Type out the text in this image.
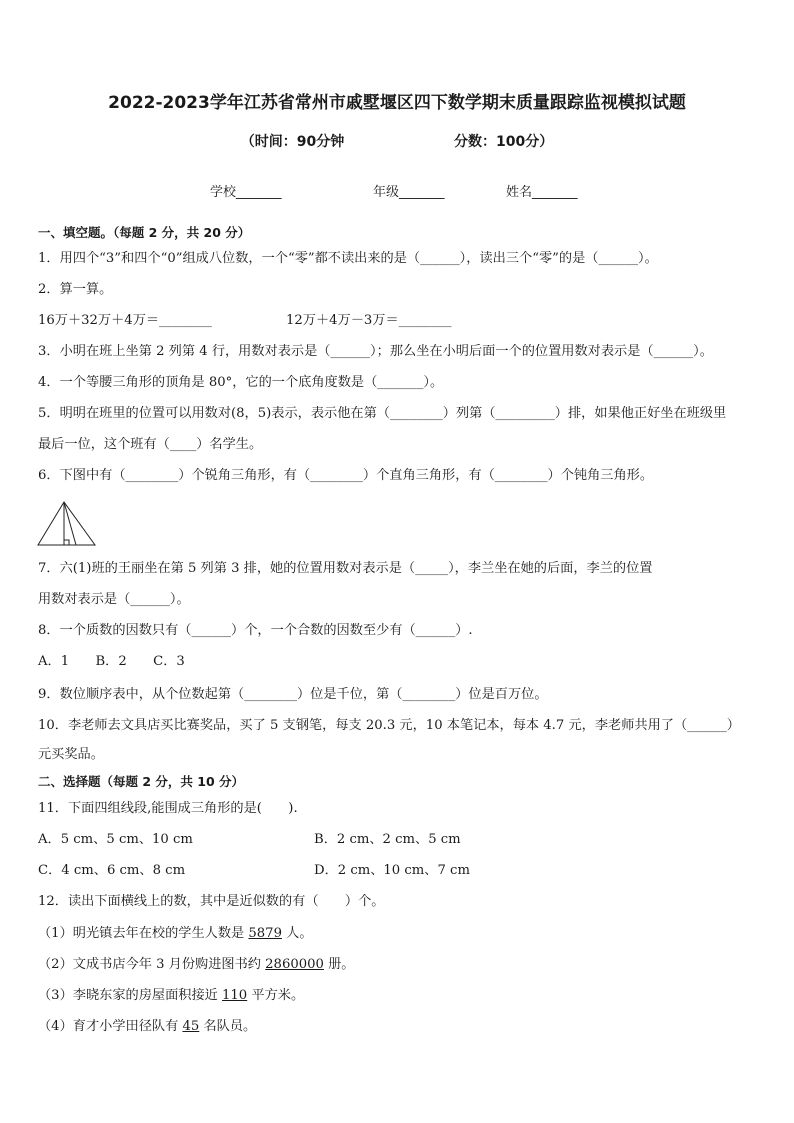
2022-2023学年江苏省常州市戚墅堰区四下数学期末质量跟踪监视模拟试题
（时间：90分钟	分数：100分）
学校_______	年级_______	姓名_______
一、填空题。（每题 2 分，共 20 分）
1．用四个“3”和四个“0”组成八位数，一个“零”都不读出来的是（______），读出三个“零”的是（______）。
2．算一算。
16万＋32万＋4万＝________	12万＋4万－3万＝________
3．小明在班上坐第 2 列第 4 行，用数对表示是（______）；那么坐在小明后面一个的位置用数对表示是（______）。
4．一个等腰三角形的顶角是 80°，它的一个底角度数是（_______）。
5．明明在班里的位置可以用数对(8，5)表示，表示他在第（________）列第（_________）排，如果他正好坐在班级里
最后一位，这个班有（____）名学生。
6．下图中有（________）个锐角三角形，有（________）个直角三角形，有（________）个钝角三角形。
7．六(1)班的王丽坐在第 5 列第 3 排，她的位置用数对表示是（_____），李兰坐在她的后面，李兰的位置
用数对表示是（______）。
8．一个质数的因数只有（______）个，一个合数的因数至少有（______）.
A．1　　B．2　　C．3
9．数位顺序表中，从个位数起第（________）位是千位，第（________）位是百万位。
10．李老师去文具店买比赛奖品，买了 5 支钢笔，每支 20.3 元，10 本笔记本，每本 4.7 元，李老师共用了（______）
元买奖品。
二、选择题（每题 2 分，共 10 分）
11．下面四组线段,能围成三角形的是(　　).
A．5 cm、5 cm、10 cm	B．2 cm、2 cm、5 cm
C．4 cm、6 cm、8 cm	D．2 cm、10 cm、7 cm
12．读出下面横线上的数，其中是近似数的有（　　）个。
（1）明光镇去年在校的学生人数是 5879 人。
（2）文成书店今年 3 月份购进图书约 2860000 册。
（3）李晓东家的房屋面积接近 110 平方米。
（4）育才小学田径队有 45 名队员。
